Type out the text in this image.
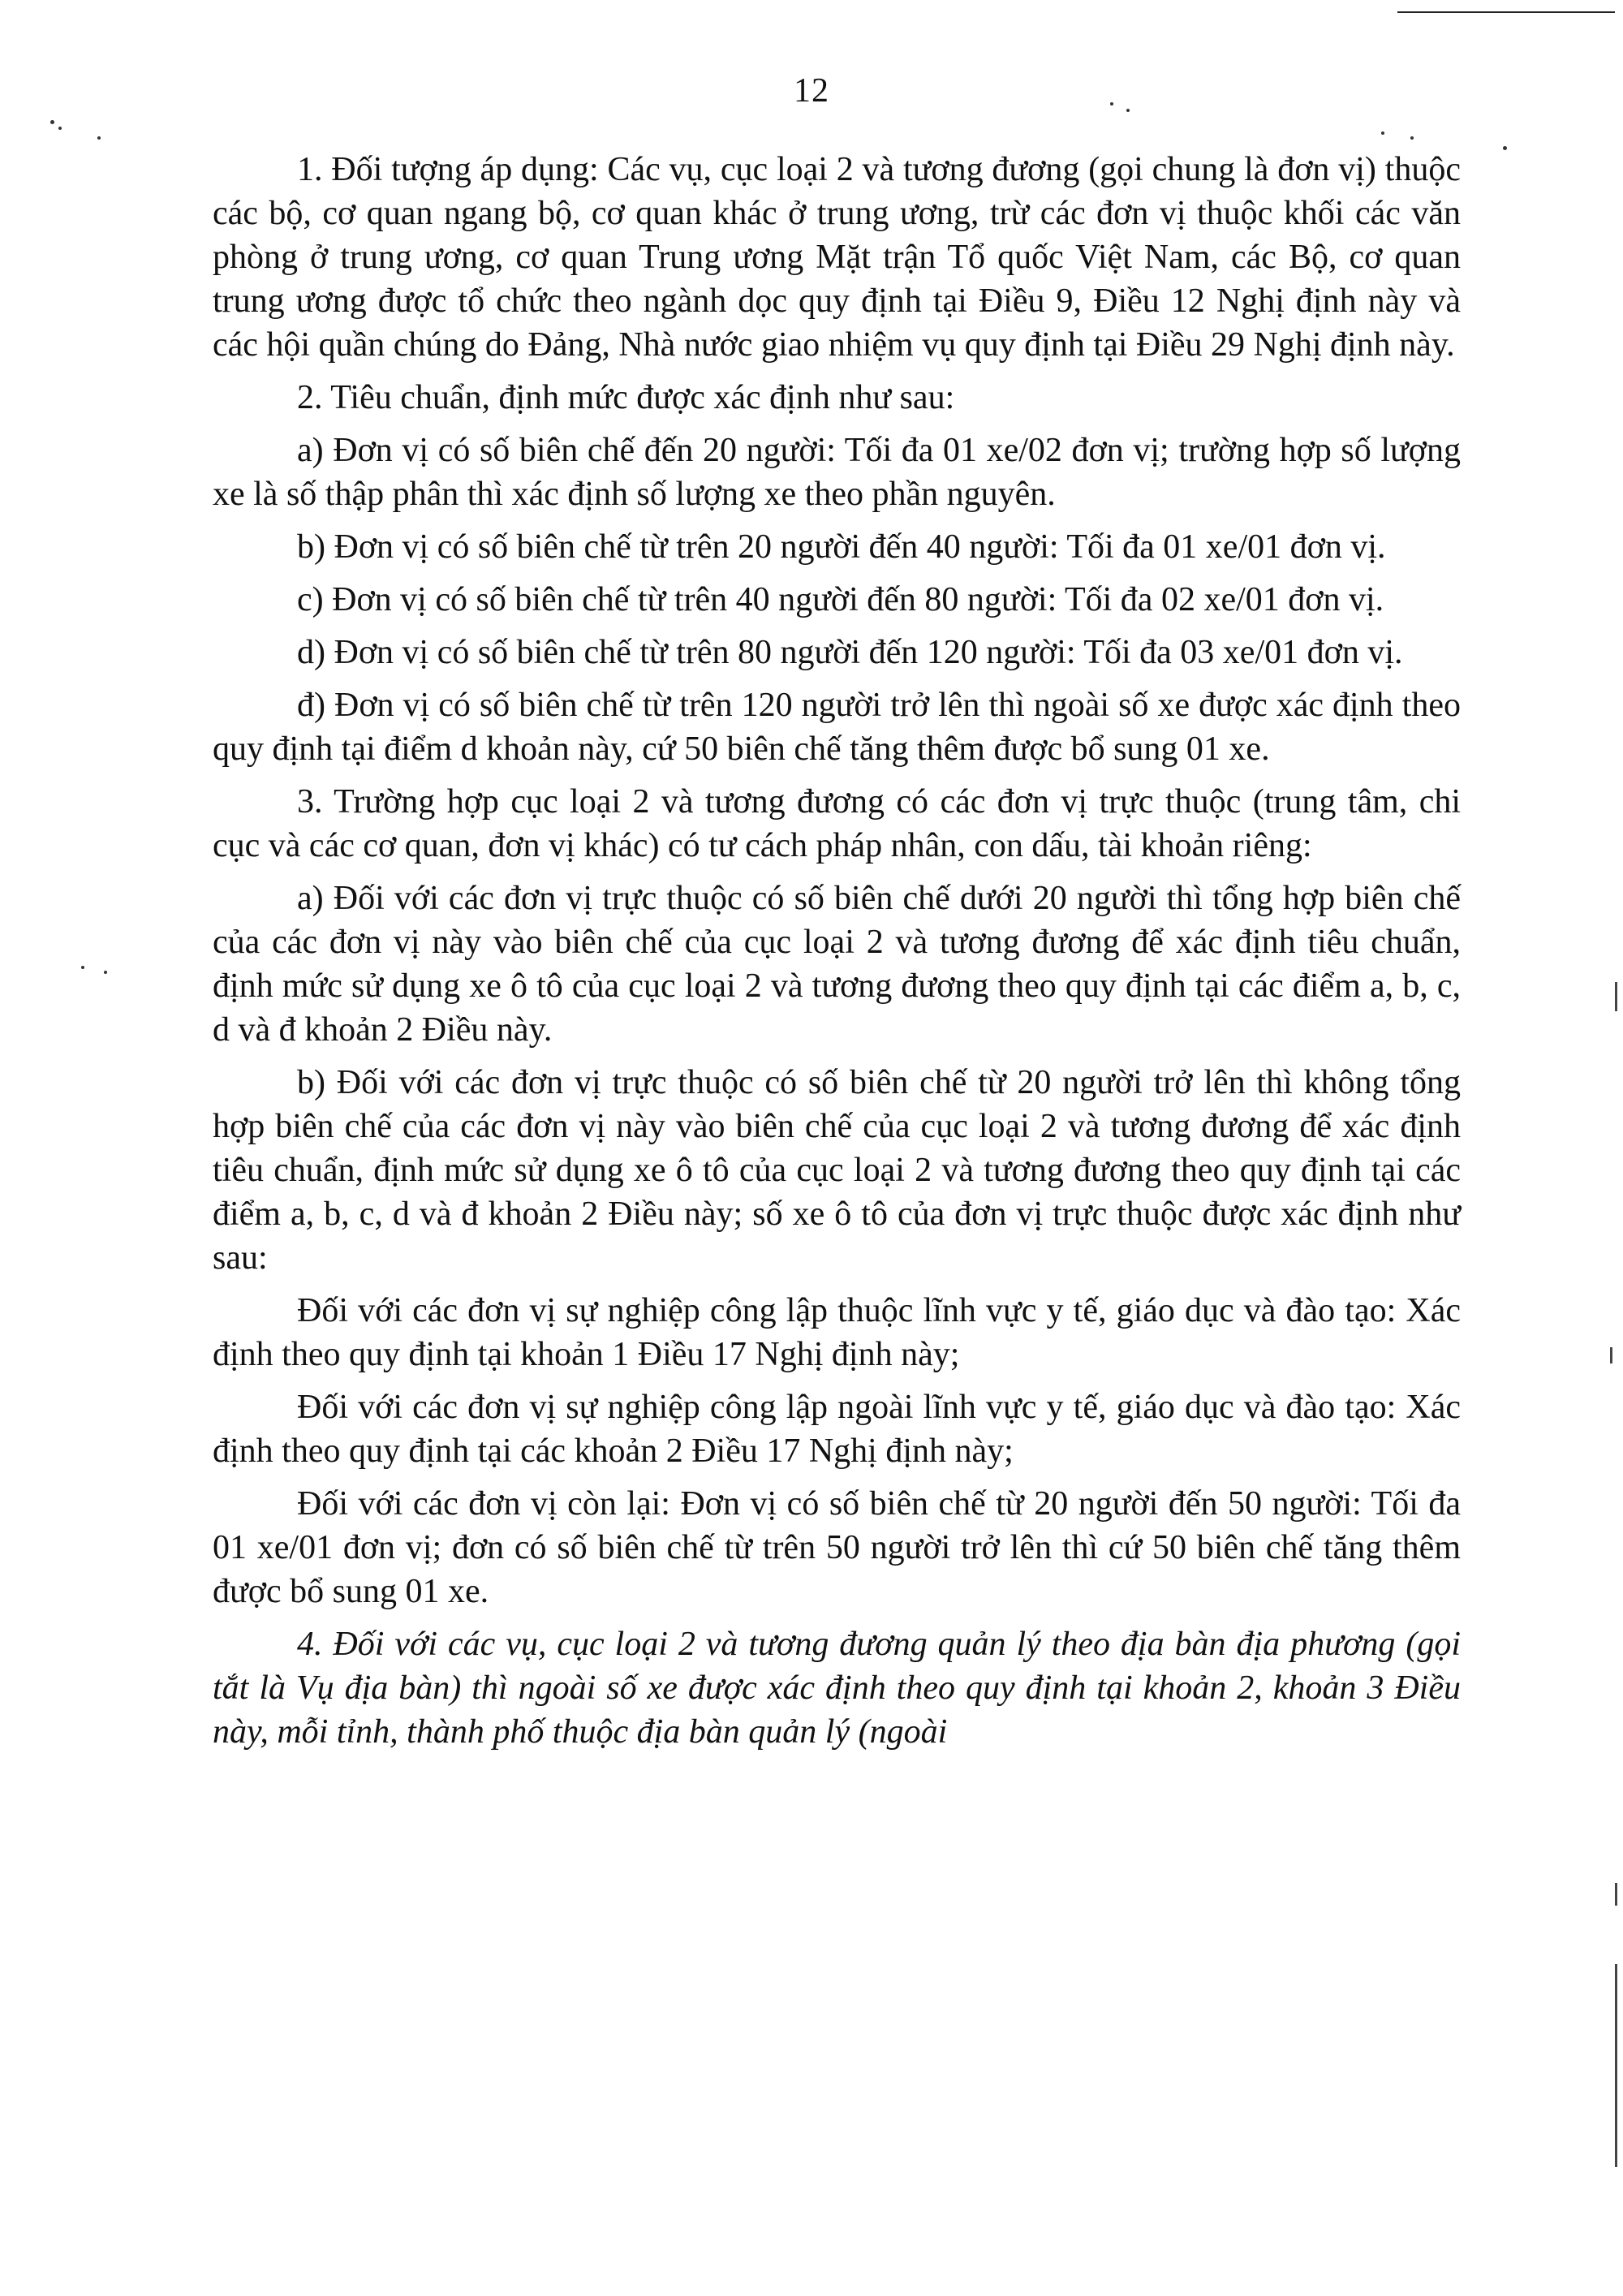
12

1. Đối tượng áp dụng: Các vụ, cục loại 2 và tương đương (gọi chung là đơn vị) thuộc các bộ, cơ quan ngang bộ, cơ quan khác ở trung ương, trừ các đơn vị thuộc khối các văn phòng ở trung ương, cơ quan Trung ương Mặt trận Tổ quốc Việt Nam, các Bộ, cơ quan trung ương được tổ chức theo ngành dọc quy định tại Điều 9, Điều 12 Nghị định này và các hội quần chúng do Đảng, Nhà nước giao nhiệm vụ quy định tại Điều 29 Nghị định này.

2. Tiêu chuẩn, định mức được xác định như sau:

a) Đơn vị có số biên chế đến 20 người: Tối đa 01 xe/02 đơn vị; trường hợp số lượng xe là số thập phân thì xác định số lượng xe theo phần nguyên.

b) Đơn vị có số biên chế từ trên 20 người đến 40 người: Tối đa 01 xe/01 đơn vị.

c) Đơn vị có số biên chế từ trên 40 người đến 80 người: Tối đa 02 xe/01 đơn vị.

d) Đơn vị có số biên chế từ trên 80 người đến 120 người: Tối đa 03 xe/01 đơn vị.

đ) Đơn vị có số biên chế từ trên 120 người trở lên thì ngoài số xe được xác định theo quy định tại điểm d khoản này, cứ 50 biên chế tăng thêm được bổ sung 01 xe.

3. Trường hợp cục loại 2 và tương đương có các đơn vị trực thuộc (trung tâm, chi cục và các cơ quan, đơn vị khác) có tư cách pháp nhân, con dấu, tài khoản riêng:

a) Đối với các đơn vị trực thuộc có số biên chế dưới 20 người thì tổng hợp biên chế của các đơn vị này vào biên chế của cục loại 2 và tương đương để xác định tiêu chuẩn, định mức sử dụng xe ô tô của cục loại 2 và tương đương theo quy định tại các điểm a, b, c, d và đ khoản 2 Điều này.

b) Đối với các đơn vị trực thuộc có số biên chế từ 20 người trở lên thì không tổng hợp biên chế của các đơn vị này vào biên chế của cục loại 2 và tương đương để xác định tiêu chuẩn, định mức sử dụng xe ô tô của cục loại 2 và tương đương theo quy định tại các điểm a, b, c, d và đ khoản 2 Điều này; số xe ô tô của đơn vị trực thuộc được xác định như sau:

Đối với các đơn vị sự nghiệp công lập thuộc lĩnh vực y tế, giáo dục và đào tạo: Xác định theo quy định tại khoản 1 Điều 17 Nghị định này;

Đối với các đơn vị sự nghiệp công lập ngoài lĩnh vực y tế, giáo dục và đào tạo: Xác định theo quy định tại các khoản 2 Điều 17 Nghị định này;

Đối với các đơn vị còn lại: Đơn vị có số biên chế từ 20 người đến 50 người: Tối đa 01 xe/01 đơn vị; đơn có số biên chế từ trên 50 người trở lên thì cứ 50 biên chế tăng thêm được bổ sung 01 xe.

4. Đối với các vụ, cục loại 2 và tương đương quản lý theo địa bàn địa phương (gọi tắt là Vụ địa bàn) thì ngoài số xe được xác định theo quy định tại khoản 2, khoản 3 Điều này, mỗi tỉnh, thành phố thuộc địa bàn quản lý (ngoài
